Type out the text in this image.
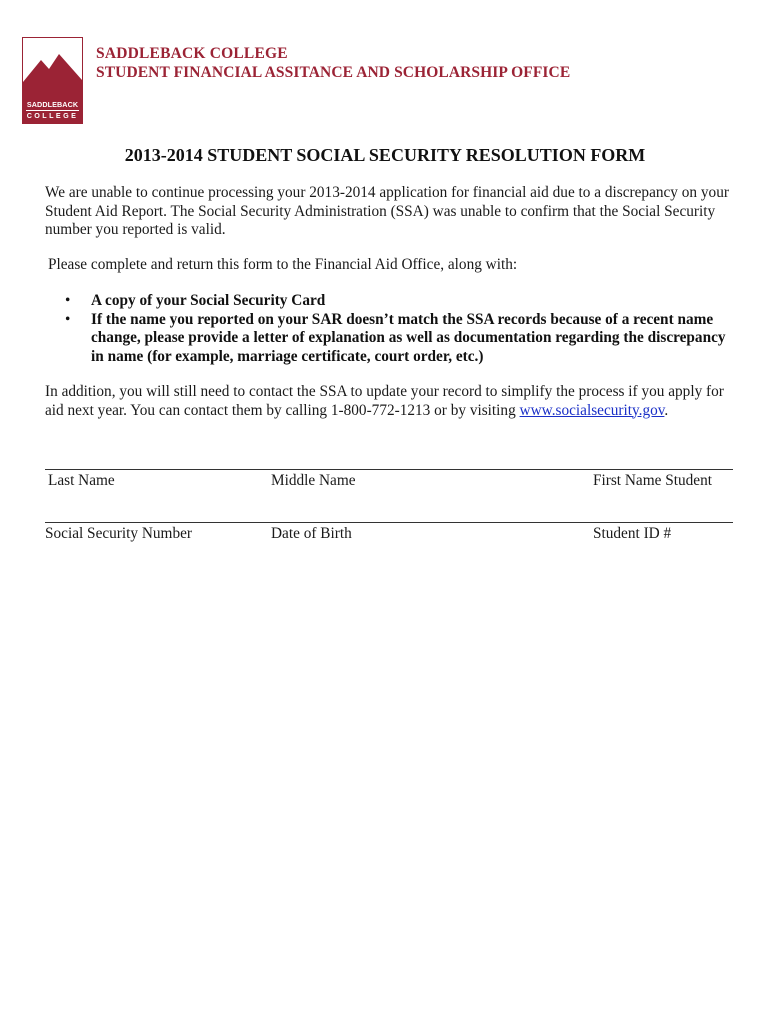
SADDLEBACK
COLLEGE
SADDLEBACK COLLEGE
STUDENT FINANCIAL ASSITANCE AND SCHOLARSHIP OFFICE
2013-2014 STUDENT SOCIAL SECURITY RESOLUTION FORM
We are unable to continue processing your 2013-2014 application for financial aid due to a discrepancy on your Student Aid Report. The Social Security Administration (SSA) was unable to confirm that the Social Security number you reported is valid.
Please complete and return this form to the Financial Aid Office, along with:
• A copy of your Social Security Card
• If the name you reported on your SAR doesn’t match the SSA records because of a recent name change, please provide a letter of explanation as well as documentation regarding the discrepancy in name (for example, marriage certificate, court order, etc.)
In addition, you will still need to contact the SSA to update your record to simplify the process if you apply for aid next year. You can contact them by calling 1-800-772-1213 or by visiting www.socialsecurity.gov.
Last Name	Middle Name	First Name Student
Social Security Number	Date of Birth	Student ID #
